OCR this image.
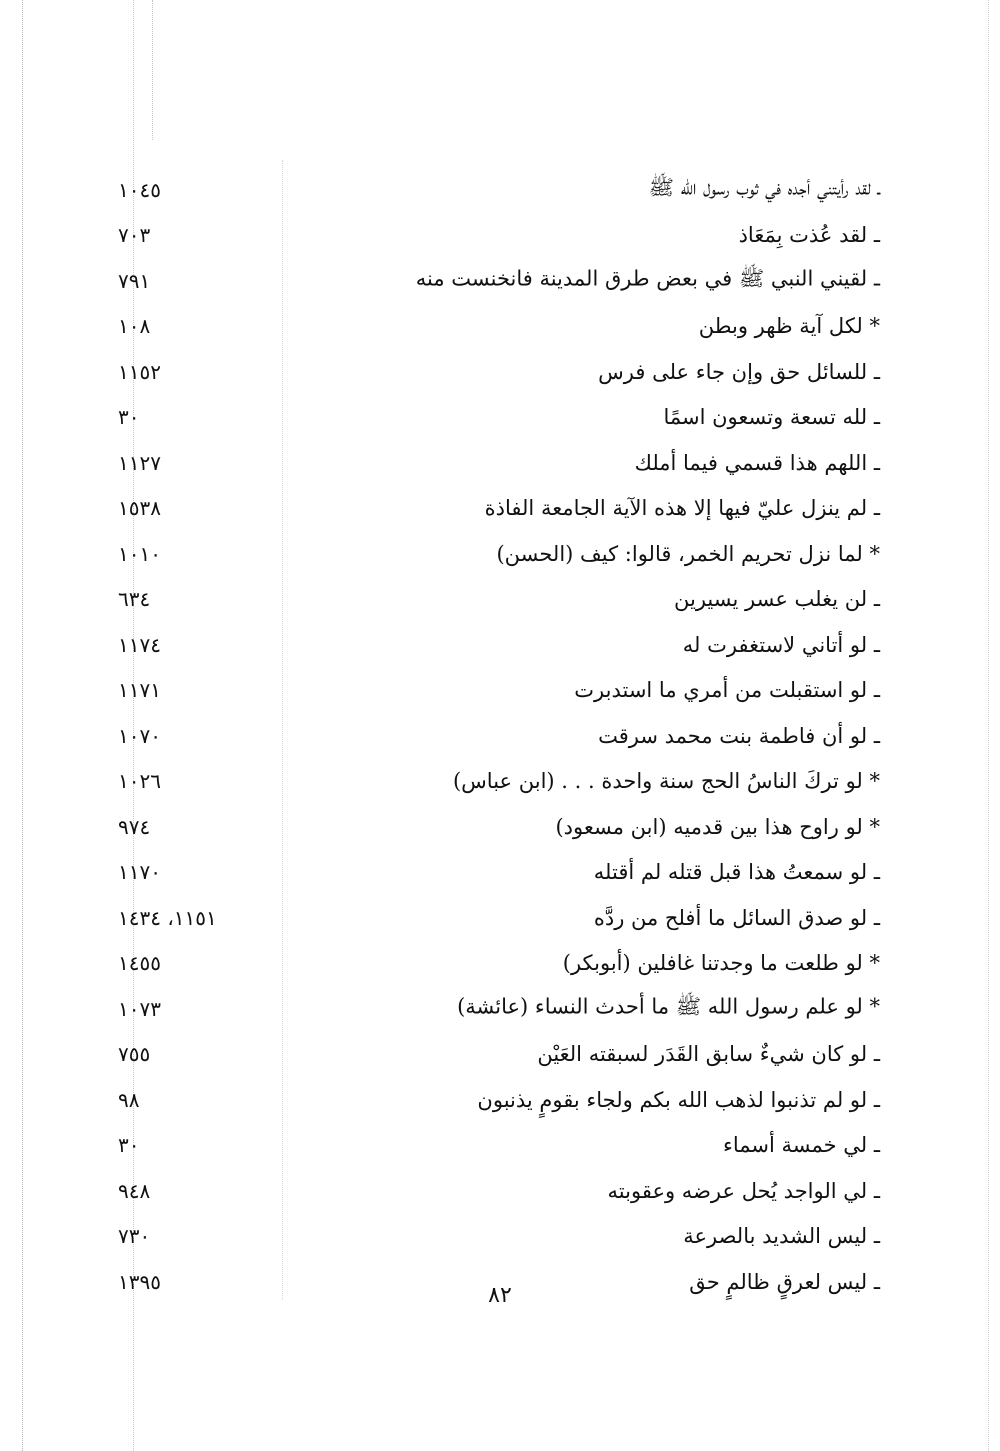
ـ لقد رأيتني أجده في ثوب رسول الله ﷺ
١٠٤٥
ـ لقد عُذت بِمَعَاذ
٧٠٣
ـ لقيني النبي ﷺ في بعض طرق المدينة فانخنست منه
٧٩١
* لكل آية ظهر وبطن
١٠٨
ـ للسائل حق وإن جاء على فرس
١١٥٢
ـ لله تسعة وتسعون اسمًا
٣٠
ـ اللهم هذا قسمي فيما أملك
١١٢٧
ـ لم ينزل عليّ فيها إلا هذه الآية الجامعة الفاذة
١٥٣٨
* لما نزل تحريم الخمر، قالوا: كيف (الحسن)
١٠١٠
ـ لن يغلب عسر يسيرين
٦٣٤
ـ لو أتاني لاستغفرت له
١١٧٤
ـ لو استقبلت من أمري ما استدبرت
١١٧١
ـ لو أن فاطمة بنت محمد سرقت
١٠٧٠
* لو تركَ الناسُ الحج سنة واحدة . . . (ابن عباس)
١٠٢٦
* لو راوح هذا بين قدميه (ابن مسعود)
٩٧٤
ـ لو سمعتُ هذا قبل قتله لم أقتله
١١٧٠
ـ لو صدق السائل ما أفلح من ردَّه
١١٥١، ١٤٣٤
* لو طلعت ما وجدتنا غافلين (أبوبكر)
١٤٥٥
* لو علم رسول الله ﷺ ما أحدث النساء (عائشة)
١٠٧٣
ـ لو كان شيءٌ سابق القَدَر لسبقته العَيْن
٧٥٥
ـ لو لم تذنبوا لذهب الله بكم ولجاء بقومٍ يذنبون
٩٨
ـ لي خمسة أسماء
٣٠
ـ لي الواجد يُحل عرضه وعقوبته
٩٤٨
ـ ليس الشديد بالصرعة
٧٣٠
ـ ليس لعرقٍ ظالمٍ حق
١٣٩٥
٨٢
